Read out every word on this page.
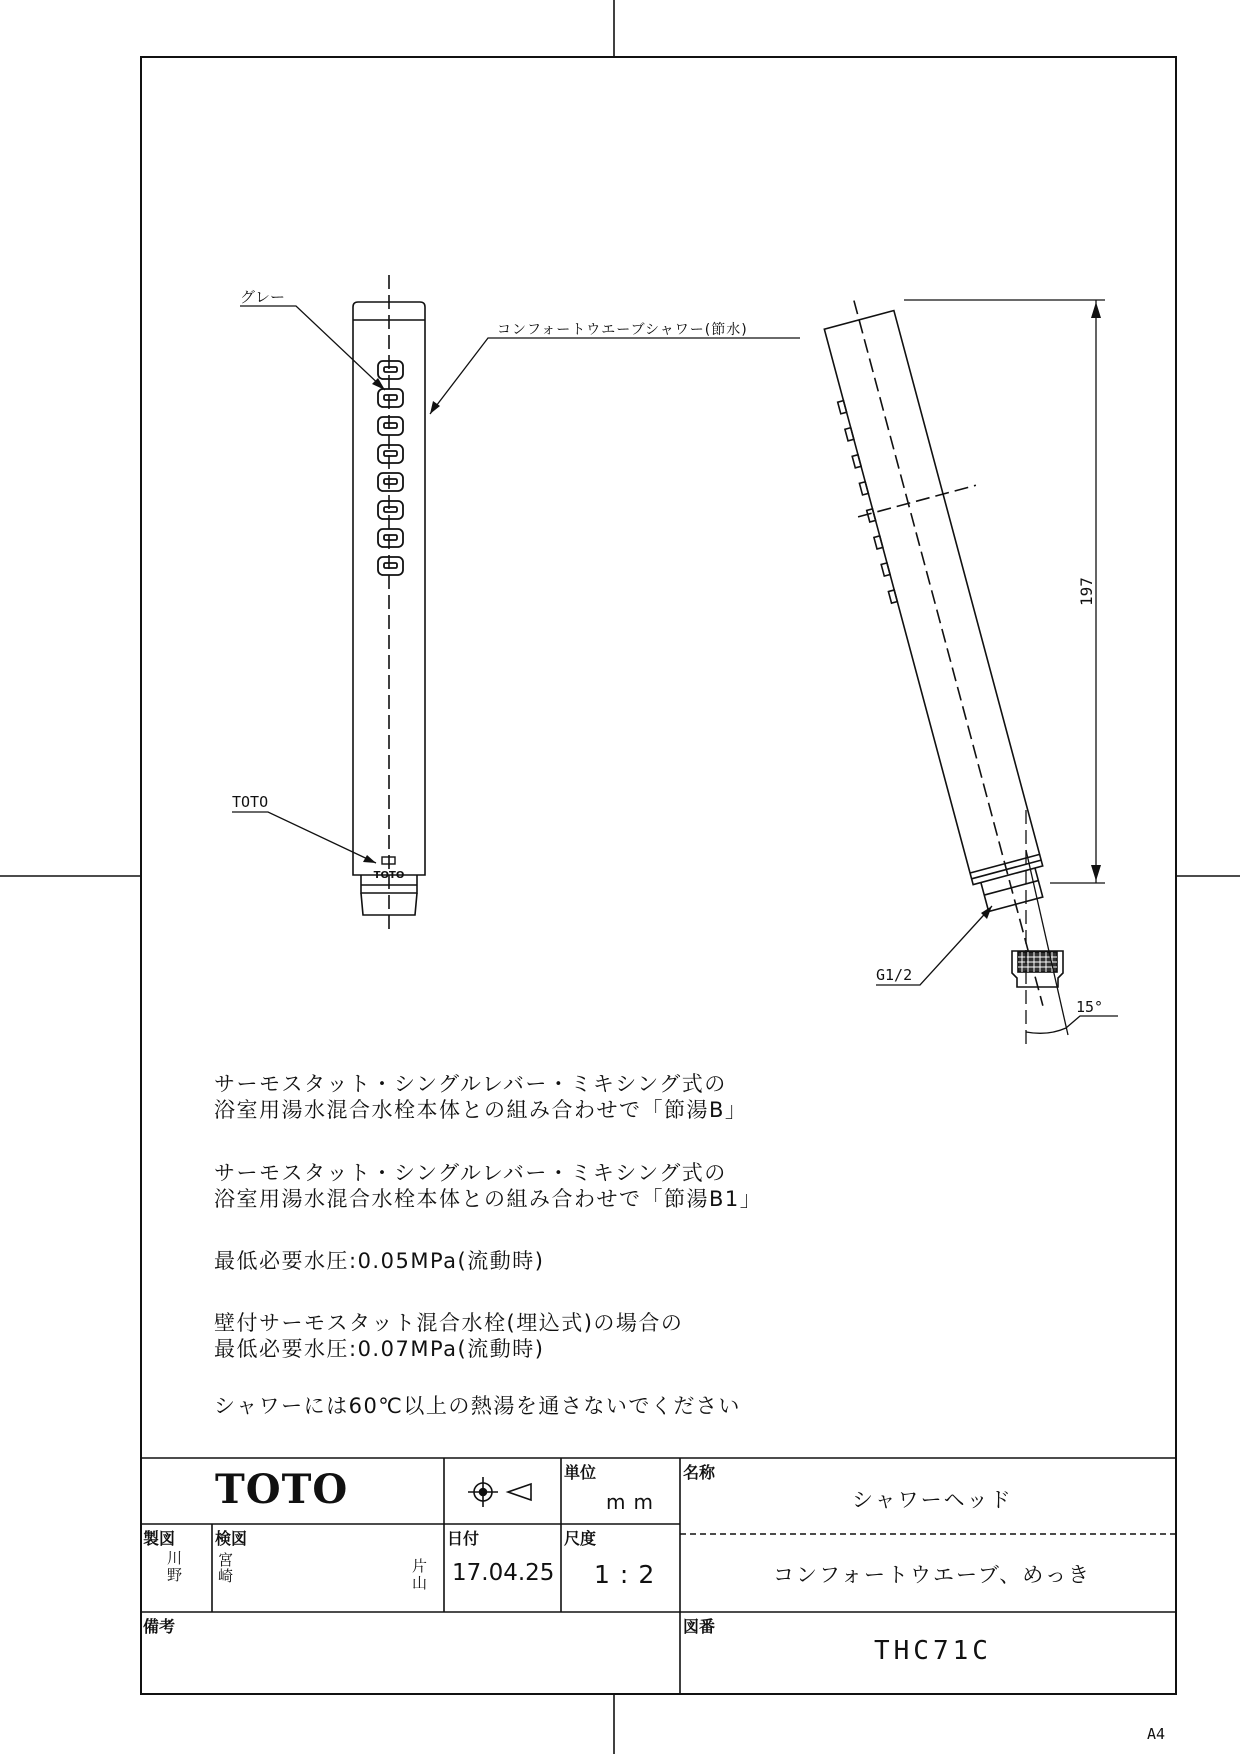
TOTO
グレー
コンフォートウエーブシャワー(節水)
TOTO
15°
197
G1/2
サーモスタット・シングルレバー・ミキシング式の
浴室用湯水混合水栓本体との組み合わせで「節湯B」
サーモスタット・シングルレバー・ミキシング式の
浴室用湯水混合水栓本体との組み合わせで「節湯B1」
最低必要水圧:0.05MPa(流動時)
壁付サーモスタット混合水栓(埋込式)の場合の
最低必要水圧:0.07MPa(流動時)
シャワーには60℃以上の熱湯を通さないでください
TOTO	単位
mm
名称
シャワーヘッド
コンフォートウエーブ、めっき
製図
川野
検図
宮崎
片山
日付
17.04.25
尺度
1:2
備考	図番
THC71C
A4
